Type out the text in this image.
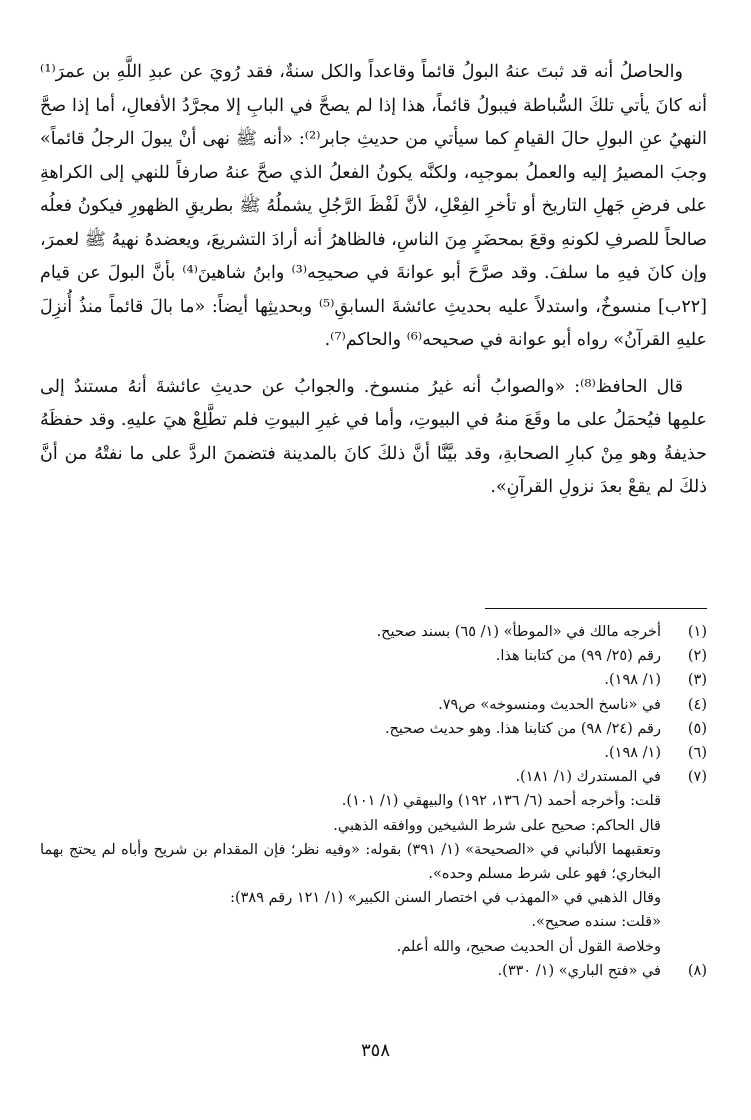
والحاصلُ أنه قد ثبتَ عنهُ البولُ قائماً وقاعداً والكل سنةٌ، فقد رُويَ عن عبدِ اللَّهِ بن عمرَ⁽¹⁾ أنه كانَ يأتي تلكَ السُّباطة فيبولُ قائماً، هذا إذا لم يصحَّ في البابِ إلا مجرَّدُ الأفعالِ، أما إذا صحَّ النهيُ عنِ البولِ حالَ القيامِ كما سيأتي من حديثِ جابر⁽²⁾: «أنه ﷺ نهى أنْ يبولَ الرجلُ قائماً» وجبَ المصيرُ إليه والعملُ بموجبِه، ولكنَّه يكونُ الفعلُ الذي صحَّ عنهُ صارفاً للنهي إلى الكراهةِ على فرضِ جَهلِ التاريخ أو تأخرِ الفِعْلِ، لأنَّ لَفْظَ الرَّجُلِ يشملُهُ ﷺ بطريقِ الظهورِ فيكونُ فعلُه صالحاً للصرفِ لكونهِ وقعَ بمحضَرٍ مِنَ الناسِ، فالظاهرُ أنه أرادَ التشريعَ، ويعضدهُ نهيهُ ﷺ لعمرَ، وإن كانَ فيهِ ما سلفَ. وقد صرَّحَ أبو عوانةَ في صحيحِه⁽³⁾ وابنُ شاهينَ⁽⁴⁾ بأنَّ البولَ عن قيام [٢٢ب] منسوخٌ، واستدلاً عليه بحديثِ عائشةَ السابقِ⁽⁵⁾ وبحديثِها أيضاً: «ما بالَ قائماً منذُ أُنزِلَ عليهِ القرآنُ» رواه أبو عوانة في صحيحه⁽⁶⁾ والحاكم⁽⁷⁾.

قال الحافظ⁽⁸⁾: «والصوابُ أنه غيرُ منسوخ. والجوابُ عن حديثِ عائشةَ أنهُ مستندٌ إلى علمِها فيُحمَلُ على ما وقَعَ منهُ في البيوتِ، وأما في غيرِ البيوتِ فلم تطَّلِعْ هيَ عليهِ. وقد حفظَهُ حذيفةُ وهو مِنْ كبارِ الصحابةِ، وقد بيَّنَّا أنَّ ذلكَ كانَ بالمدينة فتضمنَ الردَّ على ما نفتْهُ من أنَّ ذلكَ لم يقعْ بعدَ نزولِ القرآنِ».

(١)
أخرجه مالك في «الموطأ» (١/ ٦٥) بسند صحيح.
(٢)
رقم (٢٥/ ٩٩) من كتابنا هذا.
(٣)
(١/ ١٩٨).
(٤)
في «ناسخ الحديث ومنسوخه» ص٧٩.
(٥)
رقم (٢٤/ ٩٨) من كتابنا هذا. وهو حديث صحيح.
(٦)
(١/ ١٩٨).
(٧)
في المستدرك (١/ ١٨١).
قلت: وأخرجه أحمد (٦/ ١٣٦، ١٩٢) والبيهقي (١/ ١٠١).
قال الحاكم: صحيح على شرط الشيخين ووافقه الذهبي.
وتعقبهما الألباني في «الصحيحة» (١/ ٣٩١) بقوله: «وفيه نظر؛ فإن المقدام بن شريح وأباه لم يحتج بهما البخاري؛ فهو على شرط مسلم وحده».
وقال الذهبي في «المهذب في اختصار السنن الكبير» (١/ ١٢١ رقم ٣٨٩):
«قلت: سنده صحيح».
وخلاصة القول أن الحديث صحيح، والله أعلم.
(٨)
في «فتح الباري» (١/ ٣٣٠).
٣٥٨
